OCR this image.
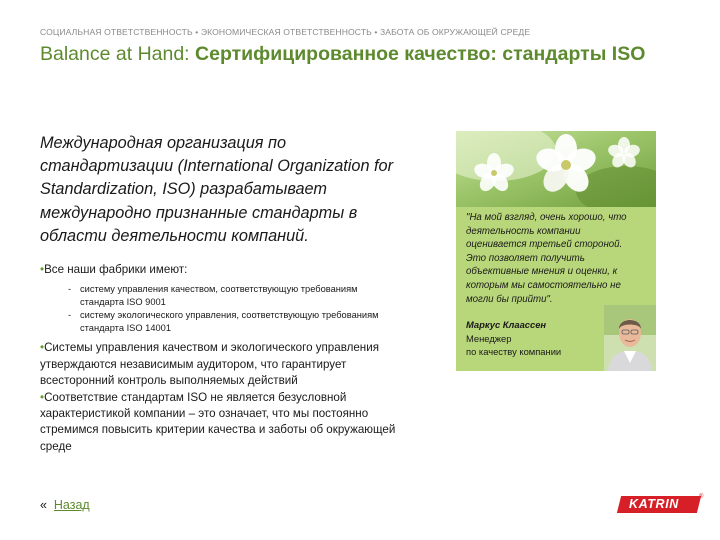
СОЦИАЛЬНАЯ ОТВЕТСТВЕННОСТЬ • ЭКОНОМИЧЕСКАЯ ОТВЕТСТВЕННОСТЬ • ЗАБОТА ОБ ОКРУЖАЮЩЕЙ СРЕДЕ
Balance at Hand: Сертифицированное качество: стандарты ISO
Международная организация по
стандартизации (International Organization for
Standardization, ISO) разрабатывает
международно признанные стандарты в
области деятельности компаний.
•Все наши фабрики имеют:
- систему управления качеством, соответствующую требованиям
стандарта ISO 9001
- систему экологического управления, соответствующую требованиям
стандарта ISO 14001
•Системы управления качеством и экологического управления
утверждаются независимым аудитором, что гарантирует
всесторонний контроль выполняемых действий
•Соответствие стандартам ISO не является безусловной
характеристикой компании – это означает, что мы постоянно
стремимся повысить критерии качества и заботы об окружающей
среде
"На мой взгляд, очень хорошо, что
деятельность компании
оценивается третьей стороной.
Это позволяет получить
объективные мнения и оценки, к
которым мы самостоятельно не
могли бы прийти".
Маркус Клаассен
Менеджер
по качеству компании
« Назад	KATRIN	®
